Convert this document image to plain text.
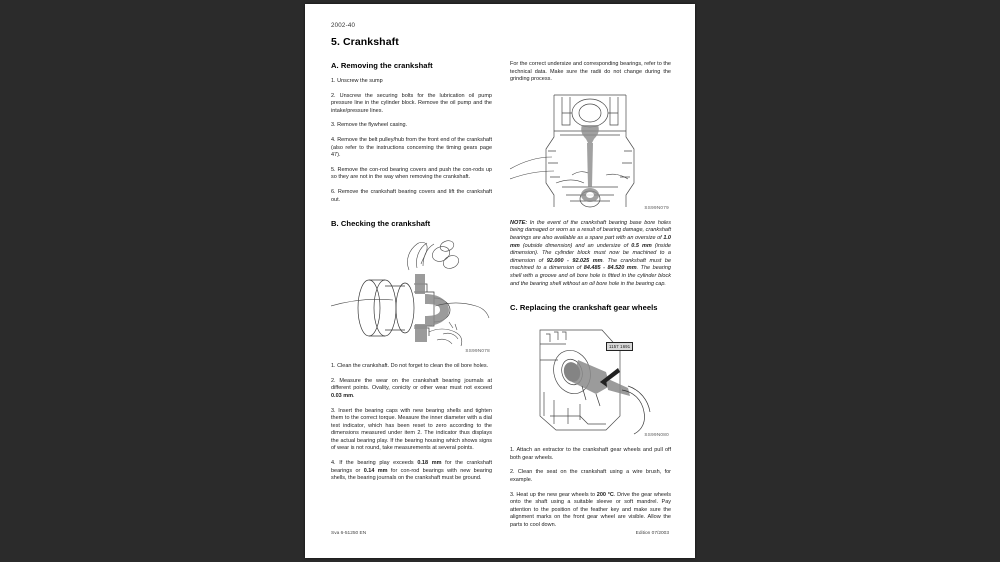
2002-40
5. Crankshaft
A. Removing the crankshaft

1. Unscrew the sump

2. Unscrew the securing bolts for the lubrication oil pump pressure line in the cylinder block. Remove the oil pump and the intake/pressure lines.

3. Remove the flywheel casing.

4. Remove the belt pulley/hub from the front end of the crankshaft (also refer to the instructions concerning the timing gears page 47).

5. Remove the con-rod bearing covers and push the con-rods up so they are not in the way when removing the crankshaft.

6. Remove the crankshaft bearing covers and lift the crankshaft out.

B. Checking the crankshaft
SS99N078

1. Clean the crankshaft. Do not forget to clean the oil bore holes.

2. Measure the wear on the crankshaft bearing journals at different points. Ovality, conicity or other wear must not exceed 0.03 mm.

3. Insert the bearing caps with new bearing shells and tighten them to the correct torque. Measure the inner diameter with a dial test indicator, which has been reset to zero according to the dimensions measured under item 2. The indicator thus displays the actual bearing play. If the bearing housing which shows signs of wear is not round, take measurements at several points.

4. If the bearing play exceeds 0.18 mm for the crankshaft bearings or 0.14 mm for con-rod bearings with new bearing shells, the bearing journals on the crankshaft must be ground.

For the correct undersize and corresponding bearings, refer to the technical data. Make sure the radii do not change during the grinding process.

SS99N079

NOTE: In the event of the crankshaft bearing base bore holes being damaged or worn as a result of bearing damage, crankshaft bearings are also available as a spare part with an oversize of 1.0 mm (outside dimension) and an undersize of 0.5 mm (inside dimension). The cylinder block must now be machined to a dimension of 92.000 - 92.025 mm. The crankshaft must be machined to a dimension of 84.485 - 84.520 mm. The bearing shell with a groove and oil bore hole is fitted in the cylinder block and the bearing shell without an oil bore hole in the bearing cap.

C. Replacing the crankshaft gear wheels
1157 1691
SS99N080

1. Attach an extractor to the crankshaft gear wheels and pull off both gear wheels.

2. Clean the seat on the crankshaft using a wire brush, for example.

3. Heat up the new gear wheels to 200 °C. Drive the gear wheels onto the shaft using a suitable sleeve or soft mandrel. Pay attention to the position of the feather key and make sure the alignment marks on the front gear wheel are visible. Allow the parts to cool down.

Sva 6-51250 EN	Edition 07/2003
